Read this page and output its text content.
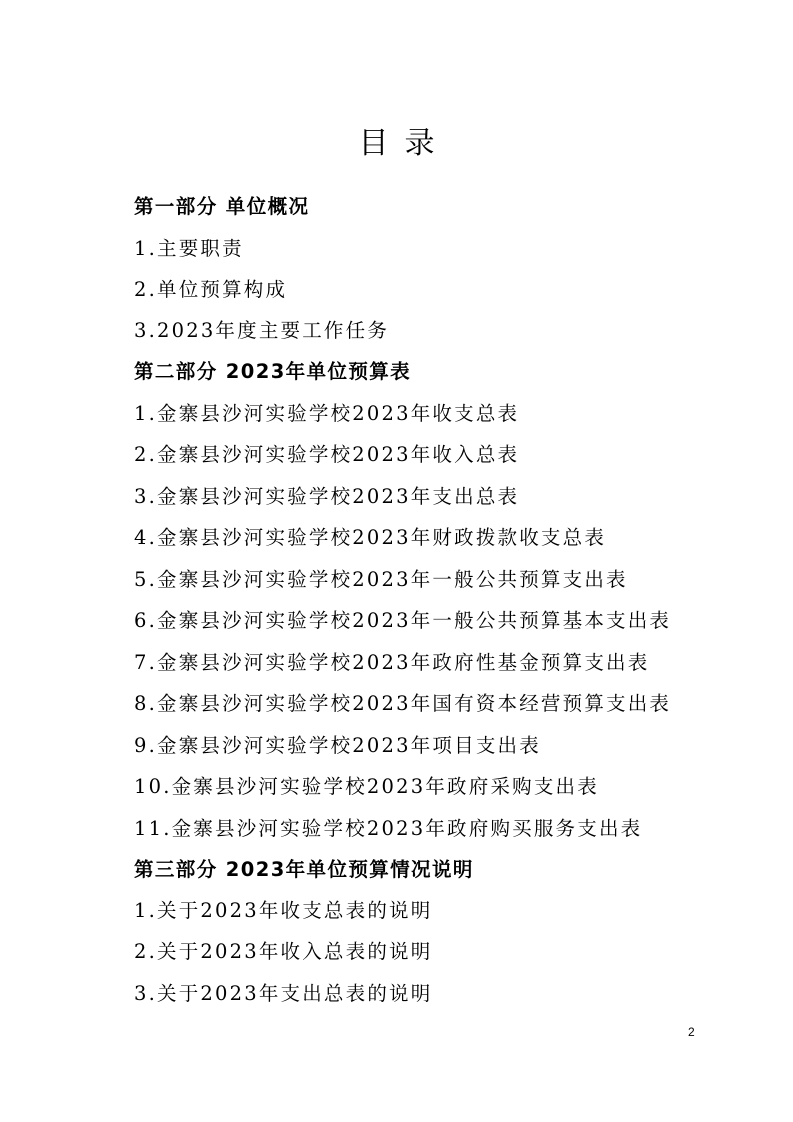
目录
第一部分 单位概况
1.主要职责
2.单位预算构成
3.2023年度主要工作任务
第二部分 2023年单位预算表
1.金寨县沙河实验学校2023年收支总表
2.金寨县沙河实验学校2023年收入总表
3.金寨县沙河实验学校2023年支出总表
4.金寨县沙河实验学校2023年财政拨款收支总表
5.金寨县沙河实验学校2023年一般公共预算支出表
6.金寨县沙河实验学校2023年一般公共预算基本支出表
7.金寨县沙河实验学校2023年政府性基金预算支出表
8.金寨县沙河实验学校2023年国有资本经营预算支出表
9.金寨县沙河实验学校2023年项目支出表
10.金寨县沙河实验学校2023年政府采购支出表
11.金寨县沙河实验学校2023年政府购买服务支出表
第三部分 2023年单位预算情况说明
1.关于2023年收支总表的说明
2.关于2023年收入总表的说明
3.关于2023年支出总表的说明
2
